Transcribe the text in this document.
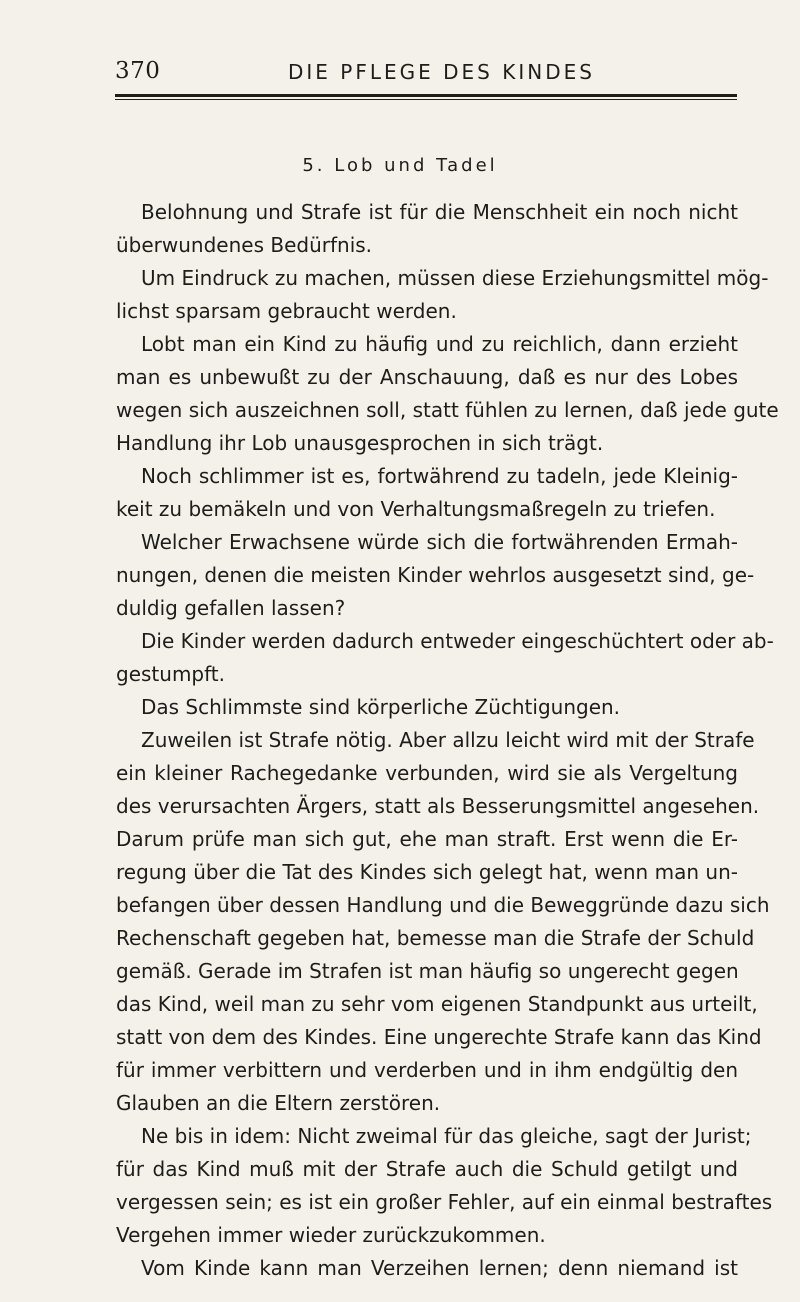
370	DIE PFLEGE DES KINDES
5. Lob und Tadel
Belohnung und Strafe ist für die Menschheit ein noch nicht
überwundenes Bedürfnis.
Um Eindruck zu machen, müssen diese Erziehungsmittel mög-
lichst sparsam gebraucht werden.
Lobt man ein Kind zu häufig und zu reichlich, dann erzieht
man es unbewußt zu der Anschauung, daß es nur des Lobes
wegen sich auszeichnen soll, statt fühlen zu lernen, daß jede gute
Handlung ihr Lob unausgesprochen in sich trägt.
Noch schlimmer ist es, fortwährend zu tadeln, jede Kleinig-
keit zu bemäkeln und von Verhaltungsmaßregeln zu triefen.
Welcher Erwachsene würde sich die fortwährenden Ermah-
nungen, denen die meisten Kinder wehrlos ausgesetzt sind, ge-
duldig gefallen lassen?
Die Kinder werden dadurch entweder eingeschüchtert oder ab-
gestumpft.
Das Schlimmste sind körperliche Züchtigungen.
Zuweilen ist Strafe nötig. Aber allzu leicht wird mit der Strafe
ein kleiner Rachegedanke verbunden, wird sie als Vergeltung
des verursachten Ärgers, statt als Besserungsmittel angesehen.
Darum prüfe man sich gut, ehe man straft. Erst wenn die Er-
regung über die Tat des Kindes sich gelegt hat, wenn man un-
befangen über dessen Handlung und die Beweggründe dazu sich
Rechenschaft gegeben hat, bemesse man die Strafe der Schuld
gemäß. Gerade im Strafen ist man häufig so ungerecht gegen
das Kind, weil man zu sehr vom eigenen Standpunkt aus urteilt,
statt von dem des Kindes. Eine ungerechte Strafe kann das Kind
für immer verbittern und verderben und in ihm endgültig den
Glauben an die Eltern zerstören.
Ne bis in idem: Nicht zweimal für das gleiche, sagt der Jurist;
für das Kind muß mit der Strafe auch die Schuld getilgt und
vergessen sein; es ist ein großer Fehler, auf ein einmal bestraftes
Vergehen immer wieder zurückzukommen.
Vom Kinde kann man Verzeihen lernen; denn niemand ist
